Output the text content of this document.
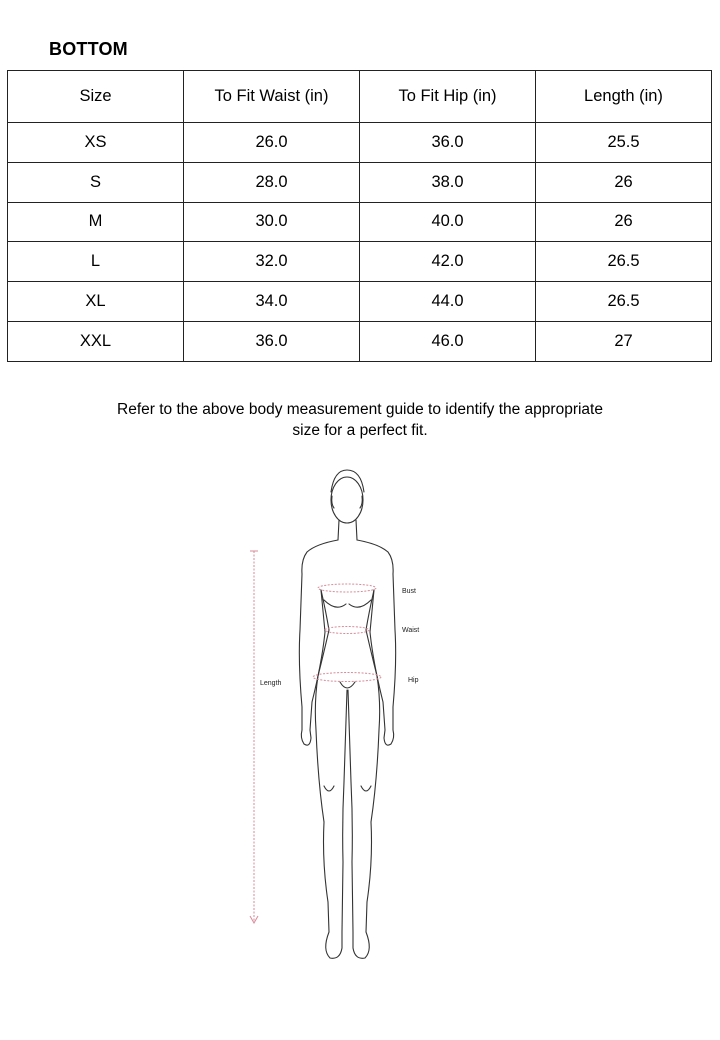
BOTTOM
Size	To Fit Waist (in)	To Fit Hip (in)	Length (in)
XS	26.0	36.0	25.5
S	28.0	38.0	26
M	30.0	40.0	26
L	32.0	42.0	26.5
XL	34.0	44.0	26.5
XXL	36.0	46.0	27
Refer to the above body measurement guide to identify the appropriate
size for a perfect fit.
Bust
Waist
Hip
Length
